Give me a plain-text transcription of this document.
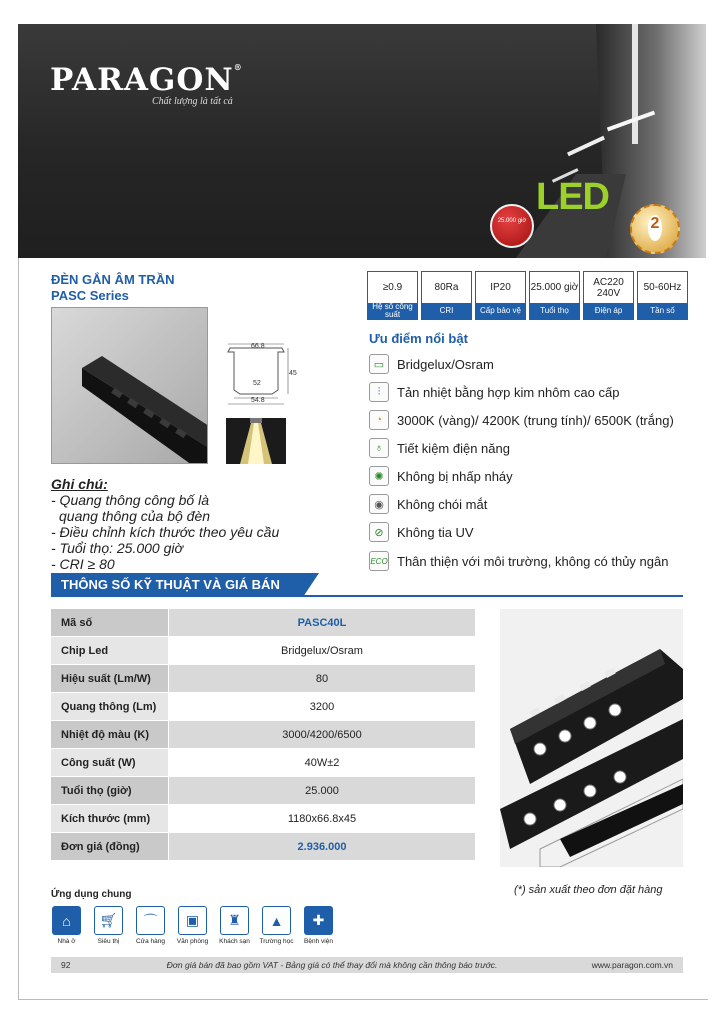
PARAGON®
Chất lượng là tất cả
25.000 giờ
LED
2
ĐÈN GẮN ÂM TRẦN
PASC Series
≥0.9
Hệ số công suất
80Ra
CRI
IP20
Cấp bảo vệ
25.000 giờ
Tuổi thọ
AC220 240V
Điện áp
50-60Hz
Tần số
66.8
45
52
54.8
Ghi chú:
- Quang thông công bố là
quang thông của bộ đèn
- Điều chỉnh kích thước theo yêu cầu
- Tuổi thọ: 25.000 giờ
- CRI ≥ 80
Ưu điểm nổi bật
▭ Bridgelux/Osram
⫶	Tản nhiệt bằng hợp kim nhôm cao cấp
◔	3000K (vàng)/ 4200K (trung tính)/ 6500K (trắng)
♁	Tiết kiệm điện năng
✺	Không bị nhấp nháy
◉	Không chói mắt
⊘	Không tia UV
ECO Thân thiện với môi trường, không có thủy ngân
THÔNG SỐ KỸ THUẬT VÀ GIÁ BÁN
Mã số	PASC40L
Chip Led	Bridgelux/Osram
Hiệu suất (Lm/W)	80
Quang thông (Lm)	3200
Nhiệt độ màu (K)	3000/4200/6500
Công suất (W)	40W±2
Tuổi thọ (giờ)	25.000
Kích thước (mm)	1180x66.8x45
Đơn giá (đồng)	2.936.000
(*) sản xuất theo đơn đặt hàng
Ứng dụng chung
⌂
Nhà ở
🛒︎
Siêu thị
⌒
Cửa hàng
▣
Văn phòng
♜
Khách sạn
▲
Trường học
✚
Bệnh viện
92	Đơn giá bán đã bao gồm VAT - Bảng giá có thể thay đổi mà không cần thông báo trước.	www.paragon.com.vn
